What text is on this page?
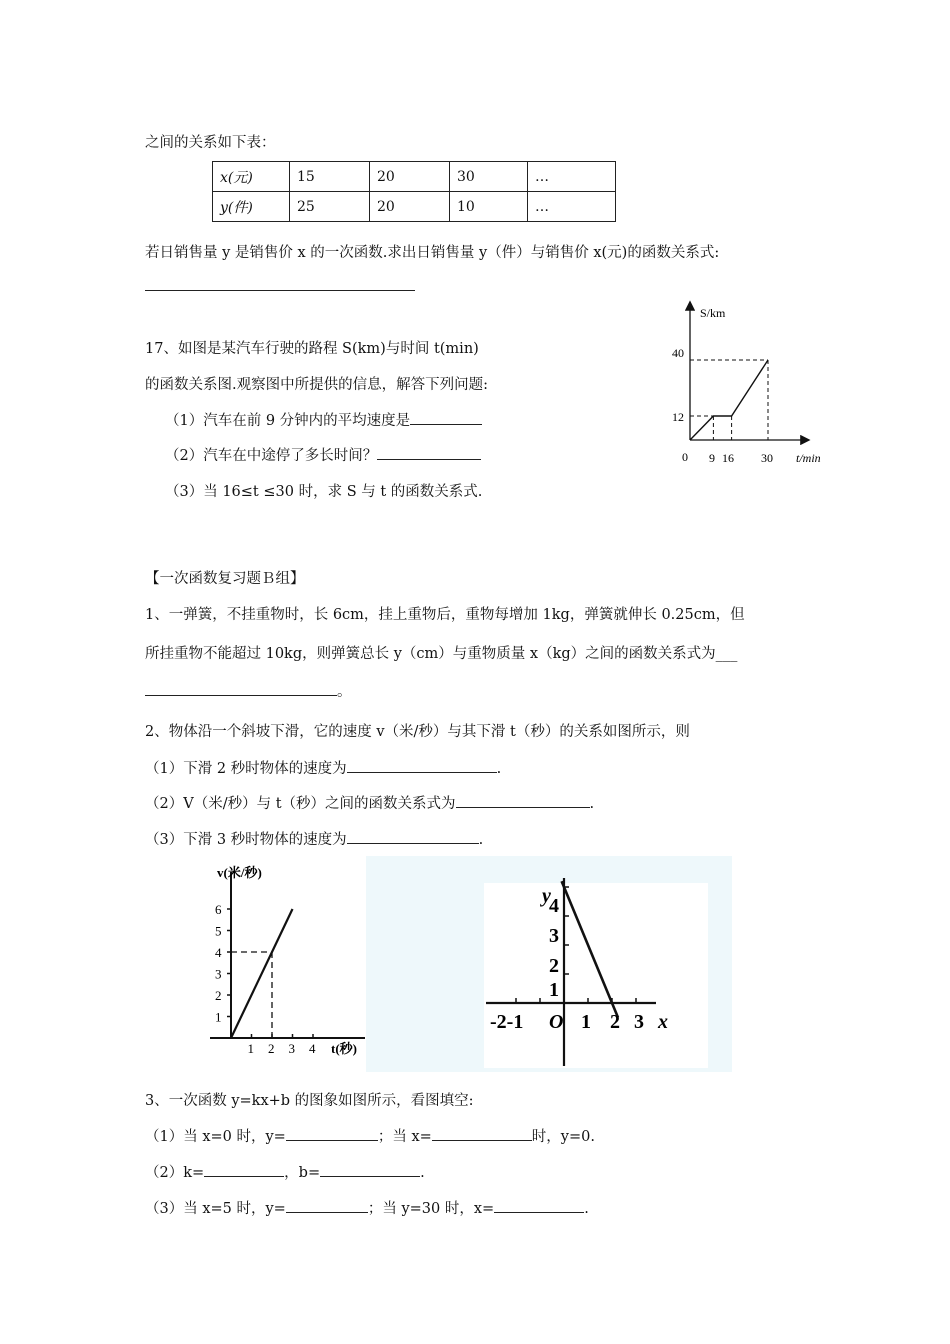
之间的关系如下表：
x(元)	15	20	30	…
y(件)	25	20	10	…
若日销售量 y 是销售价 x 的一次函数.求出日销售量 y（件）与销售价 x(元)的函数关系式:
17、如图是某汽车行驶的路程 S(km)与时间 t(min)
的函数关系图.观察图中所提供的信息，解答下列问题:
（1）汽车在前 9 分钟内的平均速度是
（2）汽车在中途停了多长时间？
（3）当 16≤t ≤30 时，求 S 与 t 的函数关系式.
S/km
t/min
0
40
12
9 16 30
【一次函数复习题Ｂ组】
1、一弹簧，不挂重物时，长 6cm，挂上重物后，重物每增加 1kg，弹簧就伸长 0.25cm，但
所挂重物不能超过 10kg，则弹簧总长 y（cm）与重物质量 x（kg）之间的函数关系式为___
。
2、物体沿一个斜坡下滑，它的速度 v（米/秒）与其下滑 t（秒）的关系如图所示，则
（1）下滑 2 秒时物体的速度为	.
（2）V（米/秒）与 t（秒）之间的函数关系式为	.
（3）下滑 3 秒时物体的速度为	.
6
5
4
3
2
1
1 2 3 4
v(米/秒)
t(秒)
y
x
O
-2-1
4
3
2
1
1 2 3
3、一次函数 y=kx+b 的图象如图所示，看图填空:
（1）当 x=0 时，y=	；当 x=	时，y=0.
（2）k=	，b=	.
（3）当 x=5 时，y=	；当 y=30 时，x=	.
